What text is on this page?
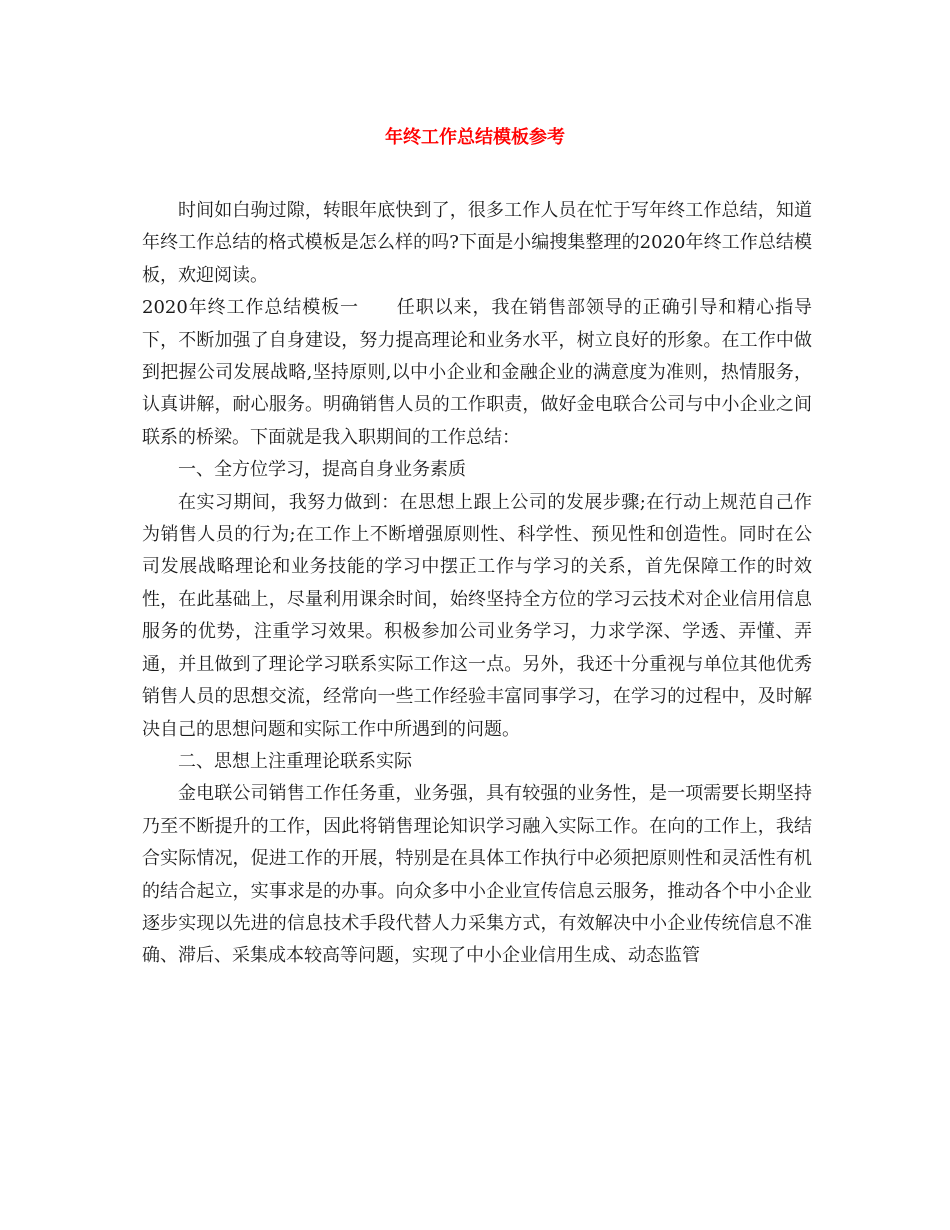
年终工作总结模板参考

时间如白驹过隙，转眼年底快到了，很多工作人员在忙于写年终工作总结，知道年终工作总结的格式模板是怎么样的吗?下面是小编搜集整理的2020年终工作总结模板，欢迎阅读。

2020年终工作总结模板一　　任职以来，我在销售部领导的正确引导和精心指导下，不断加强了自身建设，努力提高理论和业务水平，树立良好的形象。在工作中做到把握公司发展战略,坚持原则,以中小企业和金融企业的满意度为准则，热情服务，认真讲解，耐心服务。明确销售人员的工作职责，做好金电联合公司与中小企业之间联系的桥梁。下面就是我入职期间的工作总结：

一、全方位学习，提高自身业务素质

在实习期间，我努力做到：在思想上跟上公司的发展步骤;在行动上规范自己作为销售人员的行为;在工作上不断增强原则性、科学性、预见性和创造性。同时在公司发展战略理论和业务技能的学习中摆正工作与学习的关系，首先保障工作的时效性，在此基础上，尽量利用课余时间，始终坚持全方位的学习云技术对企业信用信息服务的优势，注重学习效果。积极参加公司业务学习，力求学深、学透、弄懂、弄通，并且做到了理论学习联系实际工作这一点。另外，我还十分重视与单位其他优秀销售人员的思想交流，经常向一些工作经验丰富同事学习，在学习的过程中，及时解决自己的思想问题和实际工作中所遇到的问题。

二、思想上注重理论联系实际

金电联公司销售工作任务重，业务强，具有较强的业务性，是一项需要长期坚持乃至不断提升的工作，因此将销售理论知识学习融入实际工作。在向的工作上，我结合实际情况，促进工作的开展，特别是在具体工作执行中必须把原则性和灵活性有机的结合起立，实事求是的办事。向众多中小企业宣传信息云服务，推动各个中小企业逐步实现以先进的信息技术手段代替人力采集方式，有效解决中小企业传统信息不准确、滞后、采集成本较高等问题，实现了中小企业信用生成、动态监管
